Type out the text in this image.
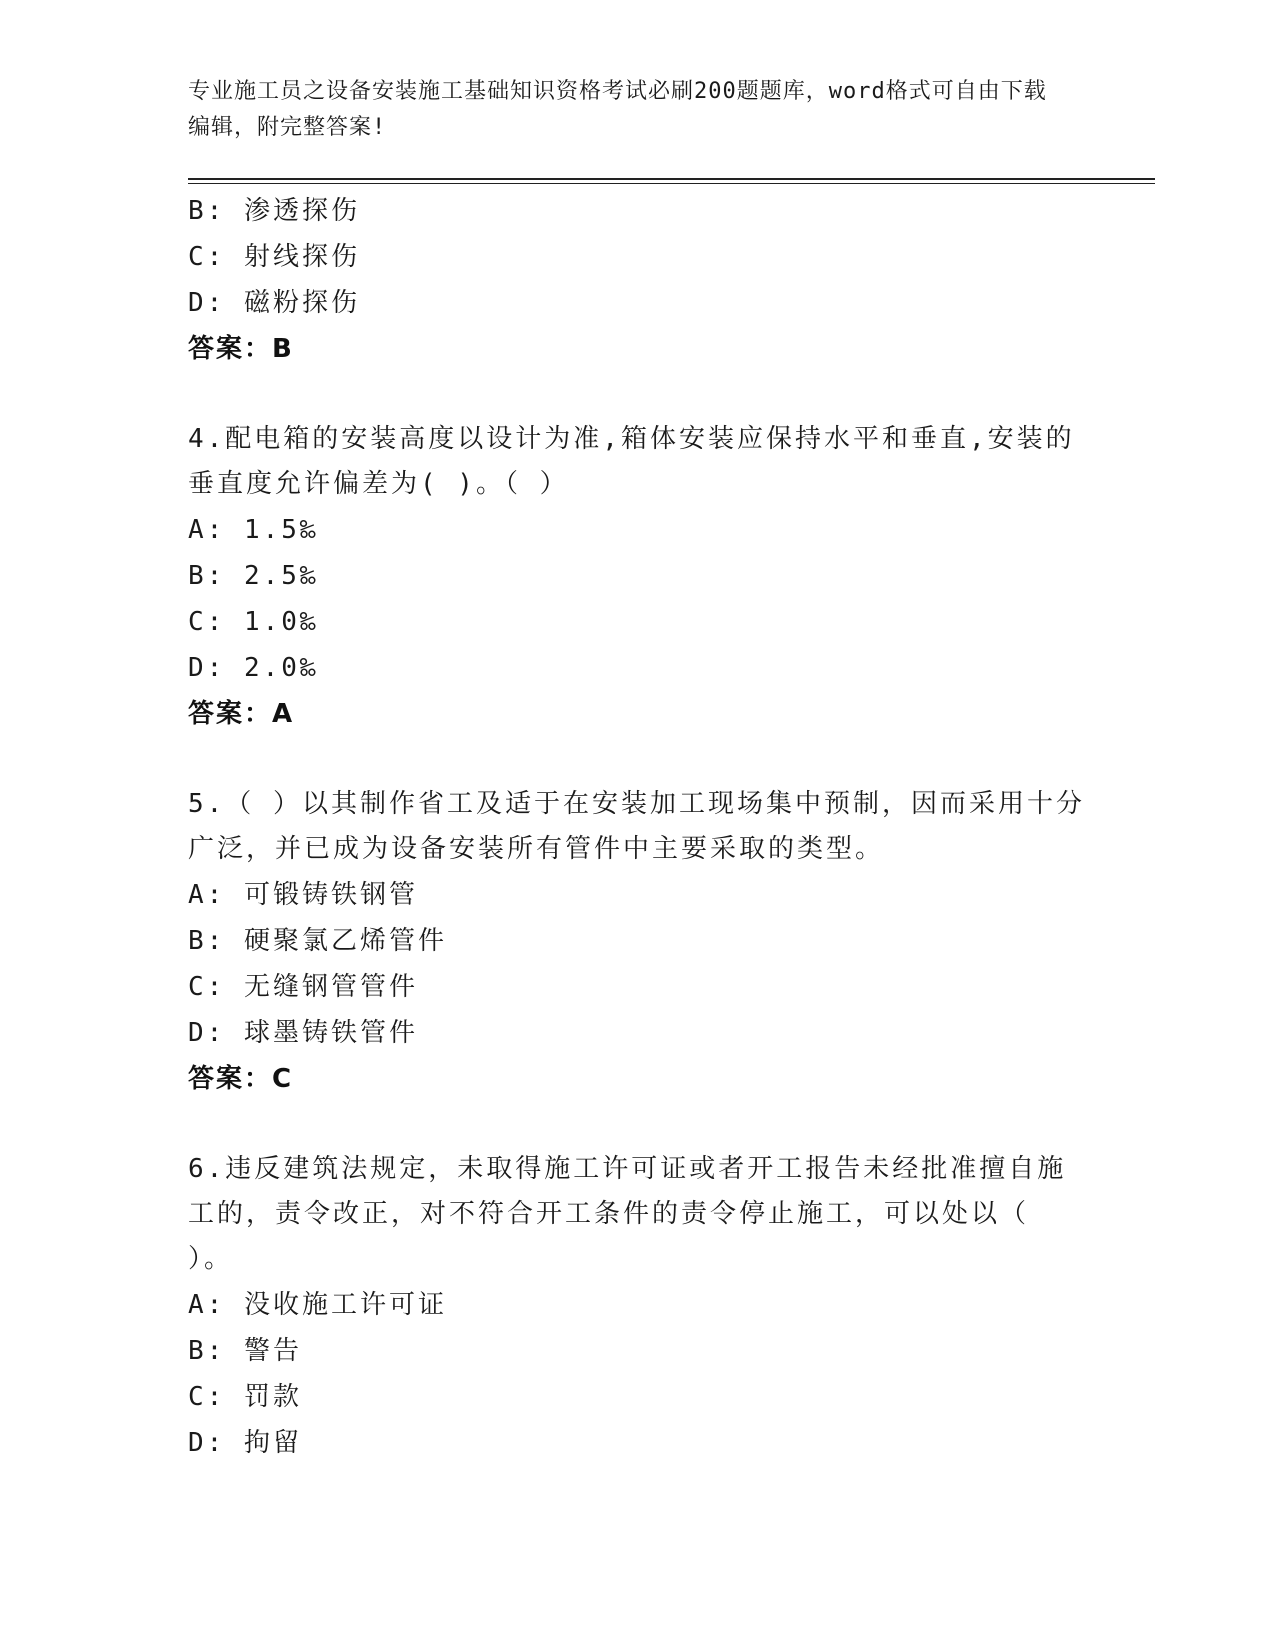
专业施工员之设备安装施工基础知识资格考试必刷200题题库，word格式可自由下载编辑，附完整答案!
B: 渗透探伤
C: 射线探伤
D: 磁粉探伤
答案：B
4.配电箱的安装高度以设计为准,箱体安装应保持水平和垂直,安装的垂直度允许偏差为( )。（ ）
A: 1.5‰
B: 2.5‰
C: 1.0‰
D: 2.0‰
答案：A
5.（ ）以其制作省工及适于在安装加工现场集中预制，因而采用十分广泛，并已成为设备安装所有管件中主要采取的类型。
A: 可锻铸铁钢管
B: 硬聚氯乙烯管件
C: 无缝钢管管件
D: 球墨铸铁管件
答案：C
6.违反建筑法规定，未取得施工许可证或者开工报告未经批准擅自施工的，责令改正，对不符合开工条件的责令停止施工，可以处以（ ）。
A: 没收施工许可证
B: 警告
C: 罚款
D: 拘留
